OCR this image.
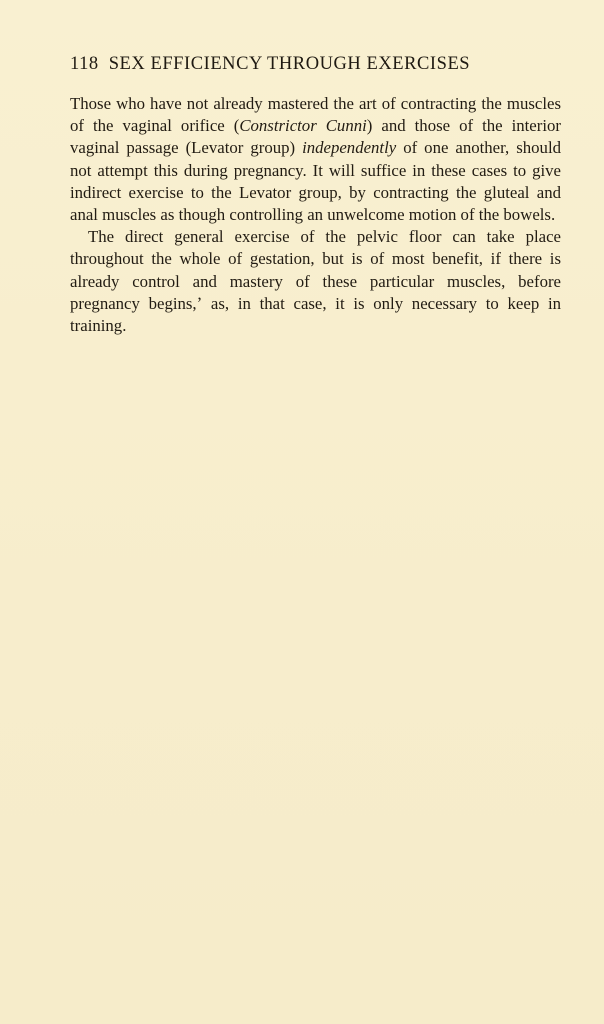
118 SEX EFFICIENCY THROUGH EXERCISES

Those who have not already mastered the art of contracting the muscles of the vaginal orifice (Constrictor Cunni) and those of the interior vaginal passage (Levator group) independently of one another, should not attempt this during pregnancy. It will suffice in these cases to give indirect exercise to the Levator group, by contracting the gluteal and anal muscles as though controlling an unwelcome motion of the bowels.

The direct general exercise of the pelvic floor can take place throughout the whole of gestation, but is of most benefit, if there is already control and mastery of these particular muscles, before pregnancy begins,ʼ as, in that case, it is only necessary to keep in training.
